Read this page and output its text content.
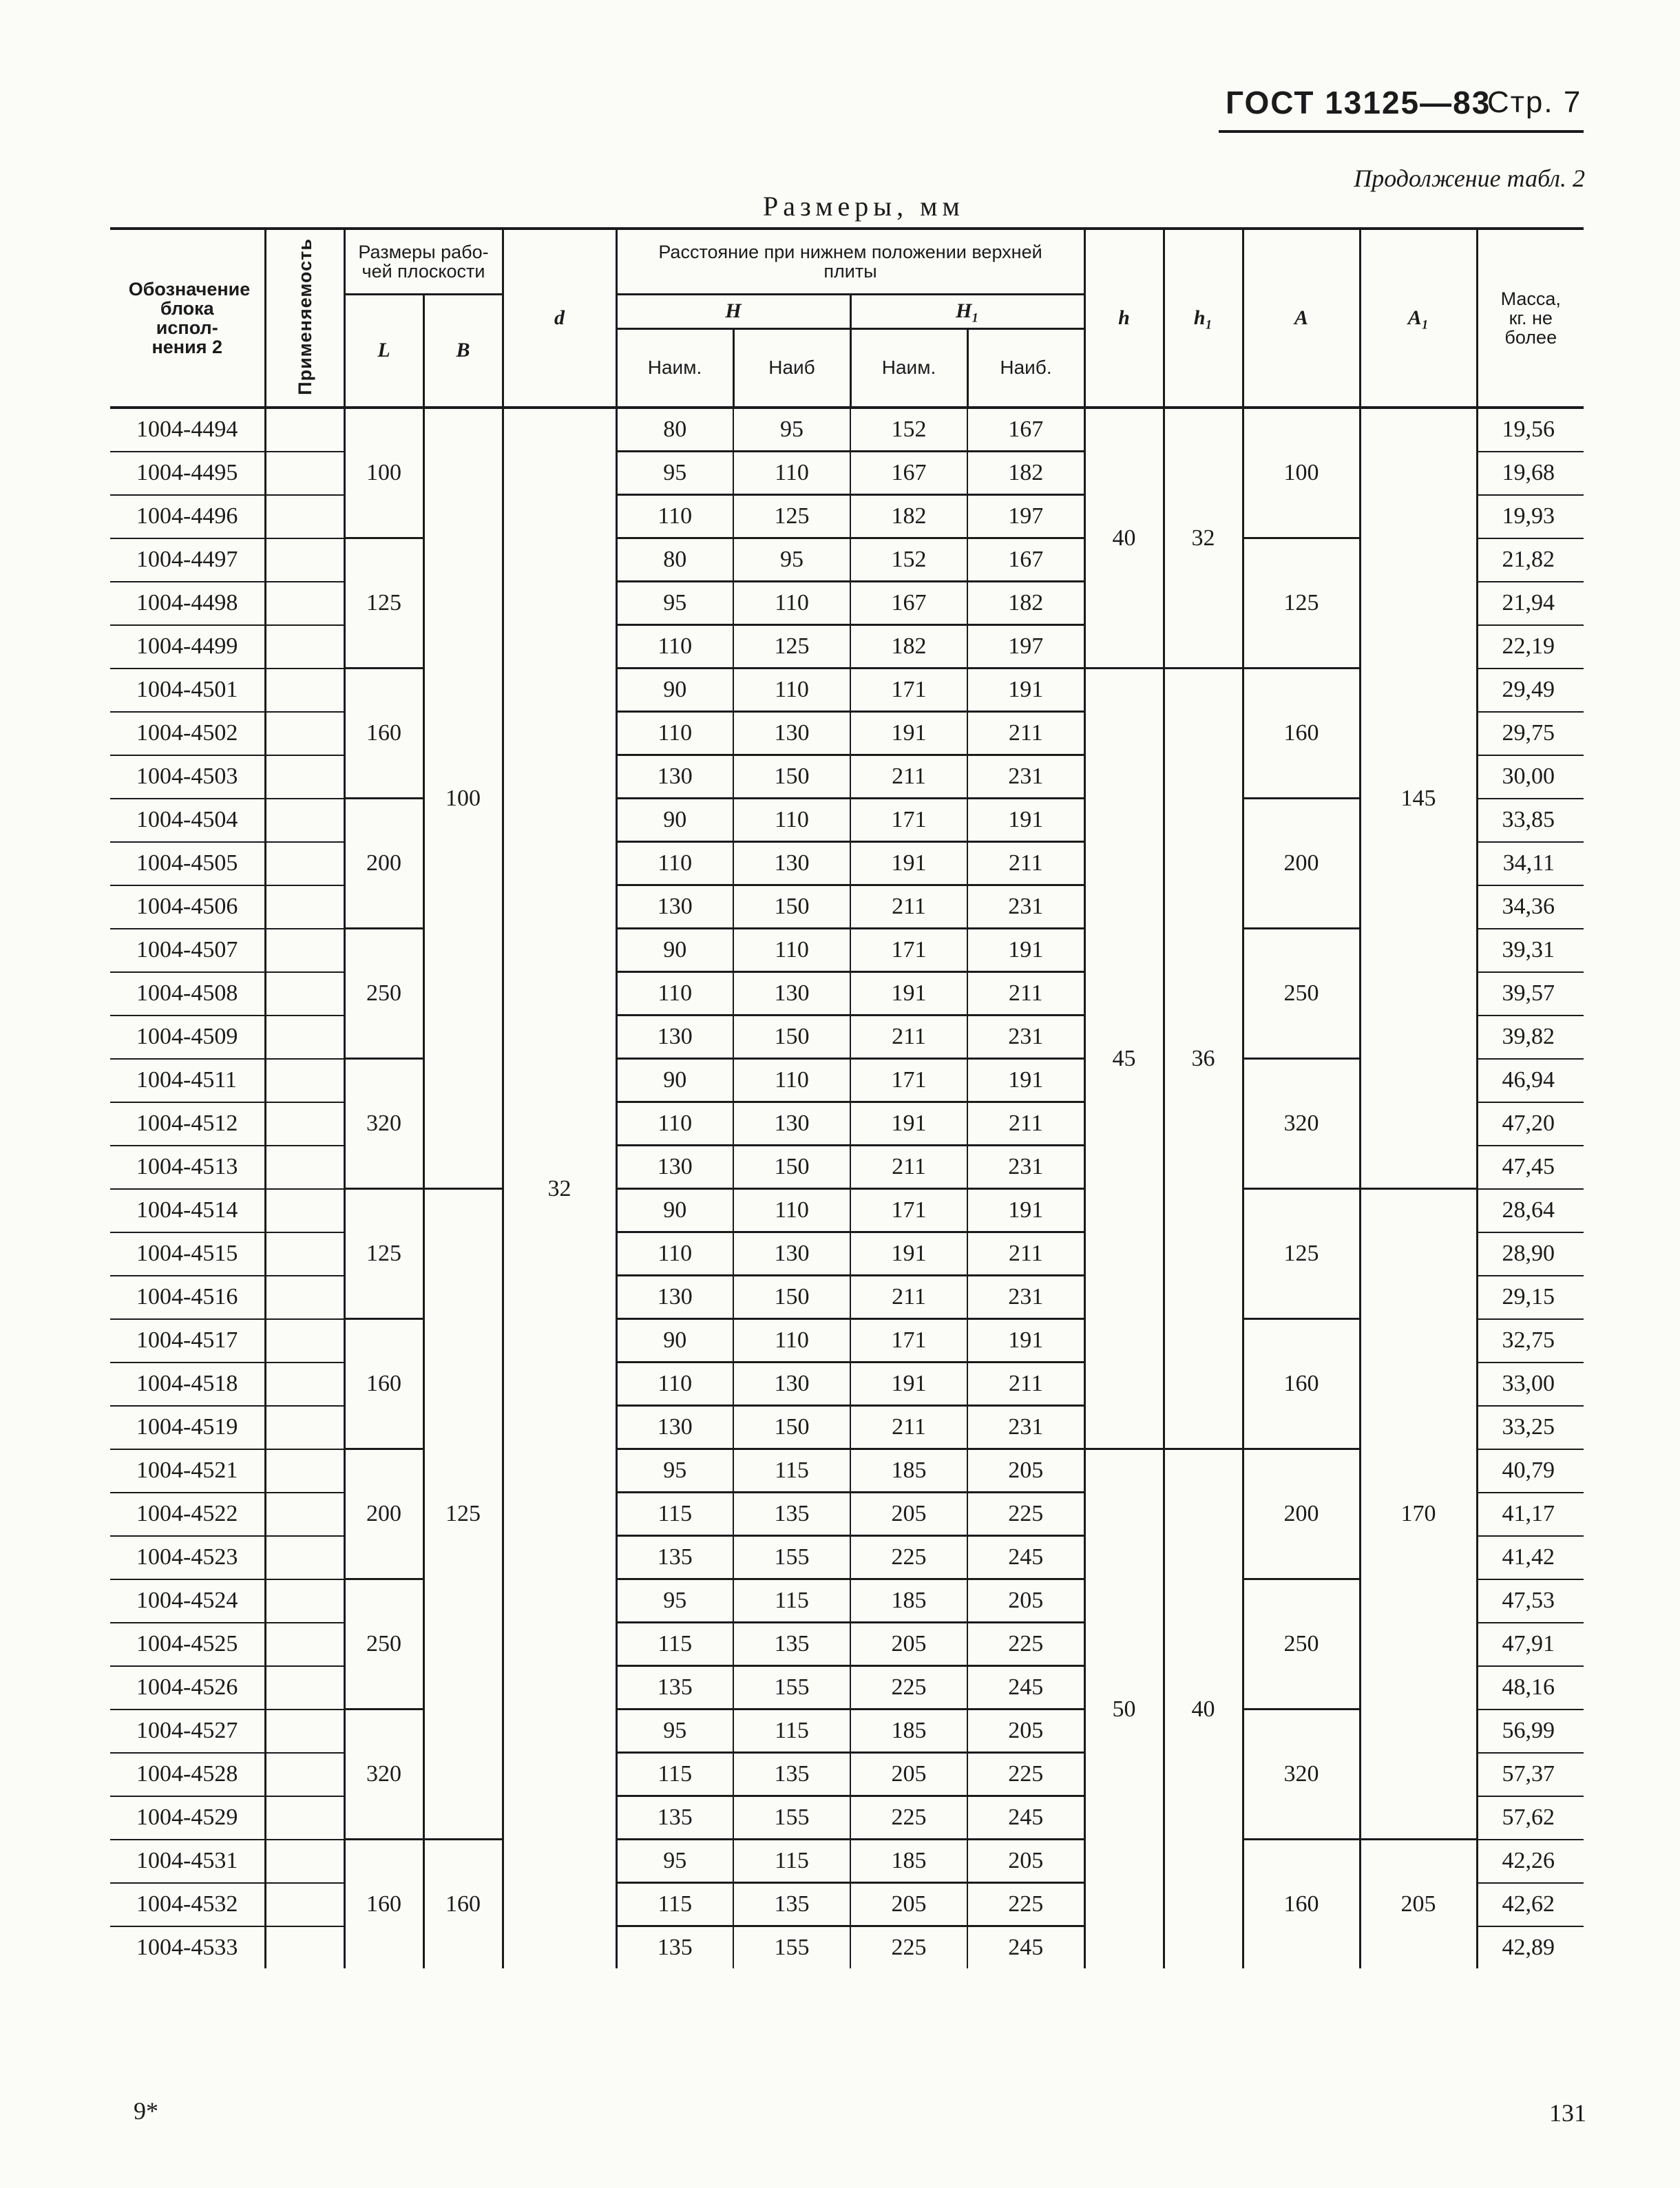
ГОСТ 13125—83
Стр. 7
Продолжение табл. 2
Размеры, мм
Обозначение блока испол- нения 2	Применяемость	Размеры рабо- чей плоскости		d	Расстояние при нижнем положении верхней плиты				h	h₁	A	A₁	Масса, кг. не более
		L	B		H		H₁						
					Наим.	Наиб	Наим.	Наиб.					
1004-4494		100	100	32	80	95	152	167	40	32	100	145	19,56
1004-4495					95	110	167	182					19,68
1004-4496					110	125	182	197					19,93
1004-4497		125			80	95	152	167			125		21,82
1004-4498					95	110	167	182					21,94
1004-4499					110	125	182	197					22,19
1004-4501		160			90	110	171	191	45	36	160		29,49
1004-4502					110	130	191	211					29,75
1004-4503					130	150	211	231					30,00
1004-4504		200			90	110	171	191			200		33,85
1004-4505					110	130	191	211					34,11
1004-4506					130	150	211	231					34,36
1004-4507		250			90	110	171	191			250		39,31
1004-4508					110	130	191	211					39,57
1004-4509					130	150	211	231					39,82
1004-4511		320			90	110	171	191			320		46,94
1004-4512					110	130	191	211					47,20
1004-4513					130	150	211	231					47,45
1004-4514		125	125		90	110	171	191			125	170	28,64
1004-4515					110	130	191	211					28,90
1004-4516					130	150	211	231					29,15
1004-4517		160			90	110	171	191			160		32,75
1004-4518					110	130	191	211					33,00
1004-4519					130	150	211	231					33,25
1004-4521		200			95	115	185	205	50	40	200		40,79
1004-4522					115	135	205	225					41,17
1004-4523					135	155	225	245					41,42
1004-4524		250			95	115	185	205			250		47,53
1004-4525					115	135	205	225					47,91
1004-4526					135	155	225	245					48,16
1004-4527		320			95	115	185	205			320		56,99
1004-4528					115	135	205	225					57,37
1004-4529					135	155	225	245					57,62
1004-4531		160	160		95	115	185	205			160	205	42,26
1004-4532					115	135	205	225					42,62
1004-4533					135	155	225	245					42,89
9*	131
